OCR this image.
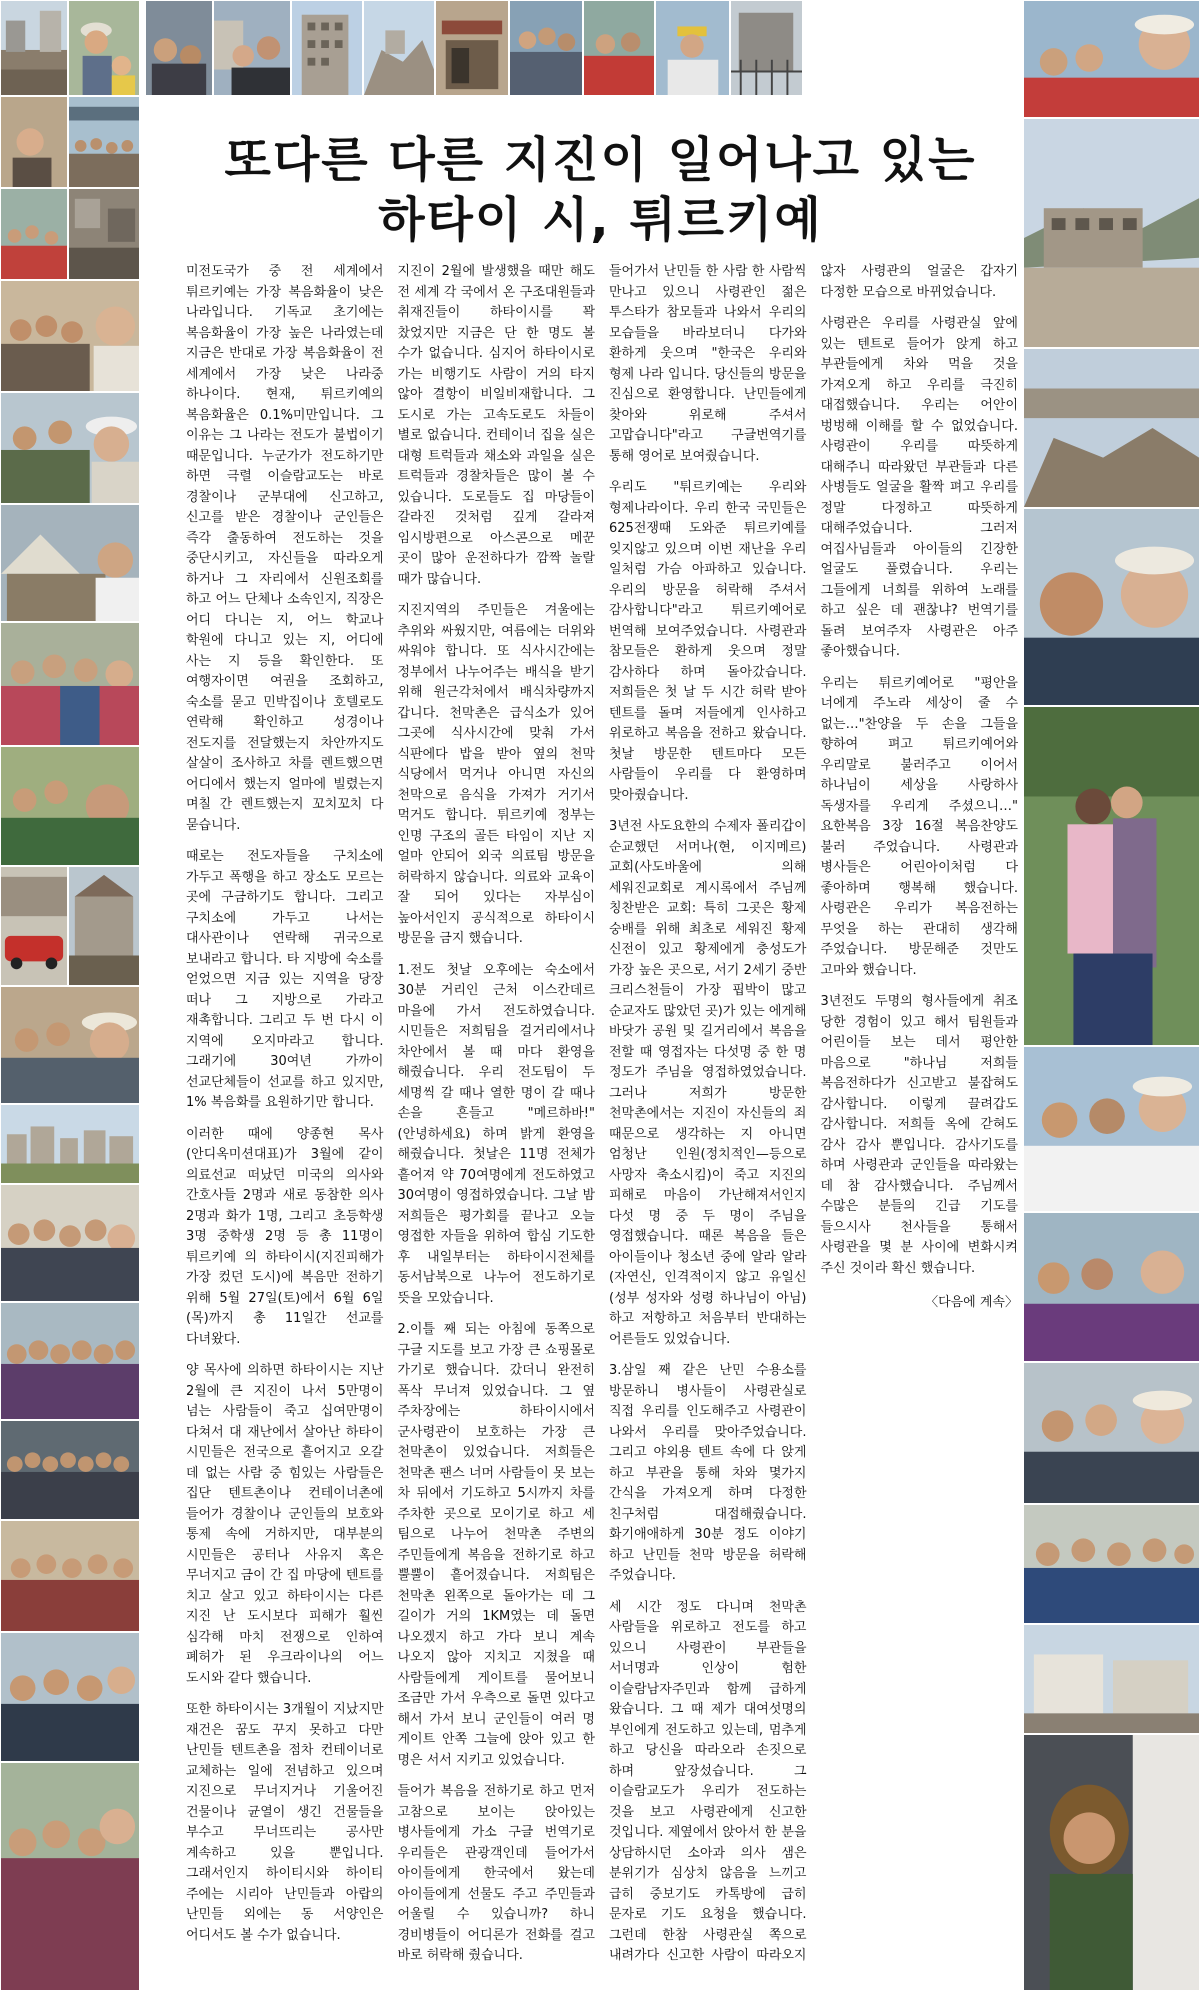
또다른 다른 지진이 일어나고 있는
하타이 시, 튀르키예

미전도국가 중 전 세계에서 튀르키예는 가장 복음화율이 낮은 나라입니다. 기독교 초기에는 복음화율이 가장 높은 나라였는데 지금은 반대로 가장 복음화율이 전 세계에서 가장 낮은 나라중 하나이다. 현재, 튀르키예의 복음화율은 0.1%미만입니다. 그 이유는 그 나라는 전도가 불법이기 때문입니다. 누군가가 전도하기만 하면 극렬 이슬람교도는 바로 경찰이나 군부대에 신고하고, 신고를 받은 경찰이나 군인들은 즉각 출동하여 전도하는 것을 중단시키고, 자신들을 따라오게 하거나 그 자리에서 신원조회를 하고 어느 단체나 소속인지, 직장은 어디 다니는 지, 어느 학교나 학원에 다니고 있는 지, 어디에 사는 지 등을 확인한다. 또 여행자이면 여권을 조회하고, 숙소를 묻고 민박집이나 호텔로도 연락해 확인하고 성경이나 전도지를 전달했는지 차안까지도 살살이 조사하고 차를 렌트했으면 어디에서 했는지 얼마에 빌렸는지 며칠 간 렌트했는지 꼬치꼬치 다 묻습니다.

때로는 전도자들을 구치소에 가두고 폭행을 하고 장소도 모르는 곳에 구금하기도 합니다. 그리고 구치소에 가두고 나서는 대사관이나 연락해 귀국으로 보내라고 합니다. 타 지방에 숙소를 얻었으면 지금 있는 지역을 당장 떠나 그 지방으로 가라고 재촉합니다. 그리고 두 번 다시 이 지역에 오지마라고 합니다. 그래기에 30여년 가까이 선교단체들이 선교를 하고 있지만, 1% 복음화를 요원하기만 합니다.

이러한 때에 양종현 목사(안디옥미션대표)가 3월에 같이 의료선교 떠났던 미국의 의사와 간호사들 2명과 새로 동참한 의사 2명과 화가 1명, 그리고 초등학생 3명 중학생 2명 등 총 11명이 튀르키예 의 하타이시(지진피해가 가장 컸던 도시)에 복음만 전하기 위해 5월 27일(토)에서 6월 6일(목)까지 총 11일간 선교를 다녀왔다.

양 목사에 의하면 하타이시는 지난 2월에 큰 지진이 나서 5만명이 넘는 사람들이 죽고 십여만명이 다쳐서 대 재난에서 살아난 하타이 시민들은 전국으로 흩어지고 오갈 데 없는 사람 중 힘있는 사람들은 집단 텐트촌이나 컨테이너촌에 들어가 경찰이나 군인들의 보호와 통제 속에 거하지만, 대부분의 시민들은 공터나 사유지 혹은 무너지고 금이 간 집 마당에 텐트를 치고 살고 있고 하타이시는 다른 지진 난 도시보다 피해가 훨씬 심각해 마치 전쟁으로 인하여 폐허가 된 우크라이나의 어느 도시와 같다 했습니다.

또한 하타이시는 3개월이 지났지만 재건은 꿈도 꾸지 못하고 다만 난민들 텐트촌을 점차 컨테이너로 교체하는 일에 전념하고 있으며 지진으로 무너지거나 기울어진 건물이나 균열이 생긴 건물들을 부수고 무너뜨리는 공사만 계속하고 있을 뿐입니다. 그래서인지 하이티시와 하이티 주에는 시리아 난민들과 아랍의 난민들 외에는 동 서양인은 어디서도 볼 수가 없습니다.

지진이 2월에 발생했을 때만 해도 전 세계 각 국에서 온 구조대원들과 취재진들이 하타이시를 꽉 찼었지만 지금은 단 한 명도 볼 수가 없습니다. 심지어 하타이시로 가는 비행기도 사람이 거의 타지 않아 결항이 비일비재합니다. 그 도시로 가는 고속도로도 차들이 별로 없습니다. 컨테이너 집을 실은 대형 트럭들과 채소와 과일을 실은 트럭들과 경찰차들은 많이 볼 수 있습니다. 도로들도 집 마당들이 갈라진 것처럼 깊게 갈라져 임시방편으로 아스콘으로 메꾼 곳이 많아 운전하다가 깜짝 놀랄 때가 많습니다.

지진지역의 주민들은 겨울에는 추위와 싸웠지만, 여름에는 더위와 싸워야 합니다. 또 식사시간에는 정부에서 나누어주는 배식을 받기 위해 원근각처에서 배식차량까지 갑니다. 천막촌은 급식소가 있어 그곳에 식사시간에 맞춰 가서 식판에다 밥을 받아 옆의 천막 식당에서 먹거나 아니면 자신의 천막으로 음식을 가져가 거기서 먹거도 합니다. 튀르키예 정부는 인명 구조의 골든 타임이 지난 지 얼마 안되어 외국 의료팀 방문을 허락하지 않습니다. 의료와 교육이 잘 되어 있다는 자부심이 높아서인지 공식적으로 하타이시 방문을 금지 했습니다.

1.전도 첫날 오후에는 숙소에서 30분 거리인 근처 이스칸데르 마을에 가서 전도하였습니다. 시민들은 저희팀을 걸거리에서나 차안에서 볼 때 마다 환영을 해줬습니다. 우리 전도팀이 두 세명씩 갈 때나 열한 명이 갈 때나 손을 흔들고 "메르하바!"(안녕하세요) 하며 밝게 환영을 해줬습니다. 첫날은 11명 전체가 흩어져 약 70여명에게 전도하였고 30여명이 영접하였습니다. 그날 밤 저희들은 평가회를 끝나고 오늘 영접한 자들을 위하여 합심 기도한 후 내일부터는 하타이시전체를 동서남북으로 나누어 전도하기로 뜻을 모았습니다.

2.이틀 째 되는 아침에 동쪽으로 구글 지도를 보고 가장 큰 쇼핑몰로 가기로 했습니다. 갔더니 완전히 폭삭 무너져 있었습니다. 그 옆 주차장에는 하타이시에서 군사령관이 보호하는 가장 큰 천막촌이 있었습니다. 저희들은 천막촌 팬스 너머 사람들이 못 보는 차 뒤에서 기도하고 5시까지 차를 주차한 곳으로 모이기로 하고 세 팀으로 나누어 천막촌 주변의 주민들에게 복음을 전하기로 하고 뿔뿔이 흩어졌습니다. 저희팀은 천막촌 왼쪽으로 돌아가는 데 그 길이가 거의 1KM였는 데 돌면 나오겠지 하고 가다 보니 계속 나오지 않아 지치고 지쳤을 때 사람들에게 게이트를 물어보니 조금만 가서 우측으로 돌면 있다고 해서 가서 보니 군인들이 여러 명 게이트 안쪽 그늘에 앉아 있고 한 명은 서서 지키고 있었습니다.

들어가 복음을 전하기로 하고 먼저 고참으로 보이는 앉아있는 병사들에게 가소 구글 번역기로 우리들은 관광객인데 들어가서 아이들에게 한국에서 왔는데 아이들에게 선물도 주고 주민들과 어울릴 수 있습니까? 하니 경비병들이 어디론가 전화를 걸고 바로 허락해 줬습니다.

들어가서 난민들 한 사람 한 사람씩 만나고 있으니 사령관인 젊은 투스타가 참모들과 나와서 우리의 모습들을 바라보더니 다가와 환하게 웃으며 "한국은 우리와 형제 나라 입니다. 당신들의 방문을 진심으로 환영합니다. 난민들에게 찾아와 위로해 주셔서 고맙습니다"라고 구글번역기를 통해 영어로 보여줬습니다.

우리도 "튀르키예는 우리와 형제나라이다. 우리 한국 국민들은 625전쟁때 도와준 튀르키예를 잊지않고 있으며 이번 재난을 우리 일처럼 가슴 아파하고 있습니다. 우리의 방문을 허락해 주셔서 감사합니다"라고 튀르키예어로 번역해 보여주었습니다. 사령관과 참모들은 환하게 웃으며 정말 감사하다 하며 돌아갔습니다. 저희들은 첫 날 두 시간 허락 받아 텐트를 돌며 저들에게 인사하고 위로하고 복음을 전하고 왔습니다. 첫날 방문한 텐트마다 모든 사람들이 우리를 다 환영하며 맞아줬습니다.

3년전 사도요한의 수제자 폴리갑이 순교했던 서머나(현, 이지메르)교회(사도바울에 의해 세워진교회로 계시록에서 주님께 칭찬받은 교회: 특히 그곳은 황제 숭배를 위해 최초로 세워진 황제 신전이 있고 황제에게 충성도가 가장 높은 곳으로, 서기 2세기 중반 크리스천들이 가장 핍박이 많고 순교자도 많았던 곳)가 있는 에게해 바닷가 공원 및 길거리에서 복음을 전할 때 영접자는 다섯명 중 한 명 정도가 주님을 영접하였었습니다. 그러나 저희가 방문한 천막촌에서는 지진이 자신들의 죄 때문으로 생각하는 지 아니면 엄청난 인원(정치적인—등으로 사망자 축소시킴)이 죽고 지진의 피해로 마음이 가난해져서인지 다섯 명 중 두 명이 주님을 영접했습니다. 때론 복음을 들은 아이들이나 청소년 중에 알라 알라(자연신, 인격적이지 않고 유일신(성부 성자와 성령 하나님이 아님) 하고 저항하고 처음부터 반대하는 어른들도 있었습니다.

3.삼일 째 같은 난민 수용소를 방문하니 병사들이 사령관실로 직접 우리를 인도해주고 사령관이 나와서 우리를 맞아주었습니다. 그리고 야외용 텐트 속에 다 앉게 하고 부관을 통해 차와 몇가지 간식을 가져오게 하며 다정한 친구처럼 대접해줬습니다. 화기애애하게 30분 정도 이야기 하고 난민들 천막 방문을 허락해 주었습니다.

세 시간 정도 다니며 천막촌 사람들을 위로하고 전도를 하고 있으니 사령관이 부관들을 서너명과 인상이 험한 이슬람남자주민과 함께 급하게 왔습니다. 그 때 제가 대여섯명의 부인에게 전도하고 있는데, 멈추게 하고 당신을 따라오라 손짓으로 하며 앞장섰습니다. 그 이슬람교도가 우리가 전도하는 것을 보고 사령관에게 신고한 것입니다. 제옆에서 앉아서 한 분을 상담하시던 소아과 의사 샘은 분위기가 심상치 않음을 느끼고 급히 중보기도 카톡방에 급히 문자로 기도 요청을 했습니다. 그런데 한참 사령관실 쪽으로 내려가다 신고한 사람이 따라오지 않자 사령관의 얼굴은 갑자기 다정한 모습으로 바뀌었습니다.

사령관은 우리를 사령관실 앞에 있는 텐트로 들어가 앉게 하고 부관들에게 차와 먹을 것을 가져오게 하고 우리를 극진히 대접했습니다. 우리는 어안이 벙벙해 이해를 할 수 없었습니다. 사령관이 우리를 따뜻하게 대해주니 따라왔던 부관들과 다른 사병들도 얼굴을 활짝 펴고 우리를 정말 다정하고 따뜻하게 대해주었습니다. 그러저 여집사님들과 아이들의 긴장한 얼굴도 풀렸습니다. 우리는 그들에게 너희를 위하여 노래를 하고 싶은 데 괜찮냐? 번역기를 돌려 보여주자 사령관은 아주 좋아했습니다.

우리는 튀르키예어로 "평안을 너에게 주노라 세상이 줄 수 없는…"찬양을 두 손을 그들을 향하여 펴고 튀르키예어와 우리말로 불러주고 이어서 하나님이 세상을 사랑하사 독생자를 우리게 주셨으니…" 요한복음 3장 16절 복음찬양도 불러 주었습니다. 사령관과 병사들은 어린아이처럼 다 좋아하며 행복해 했습니다.사령관은 우리가 복음전하는 무엇을 하는 관대히 생각해 주었습니다. 방문해준 것만도 고마와 했습니다.

3년전도 두명의 형사들에게 취조 당한 경험이 있고 해서 팀원들과 어린이들 보는 데서 평안한 마음으로 "하나님 저희들 복음전하다가 신고받고 불잡혀도 감사합니다. 이렇게 끌려갑도 감사합니다. 저희들 옥에 갇혀도 감사 감사 뿐입니다. 감사기도를 하며 사령관과 군인들을 따라왔는 데 참 감사했습니다. 주님께서 수많은 분들의 긴급 기도를 들으시사 천사들을 통해서 사령관을 몇 분 사이에 변화시켜 주신 것이라 확신 했습니다.

〈다음에 계속〉
